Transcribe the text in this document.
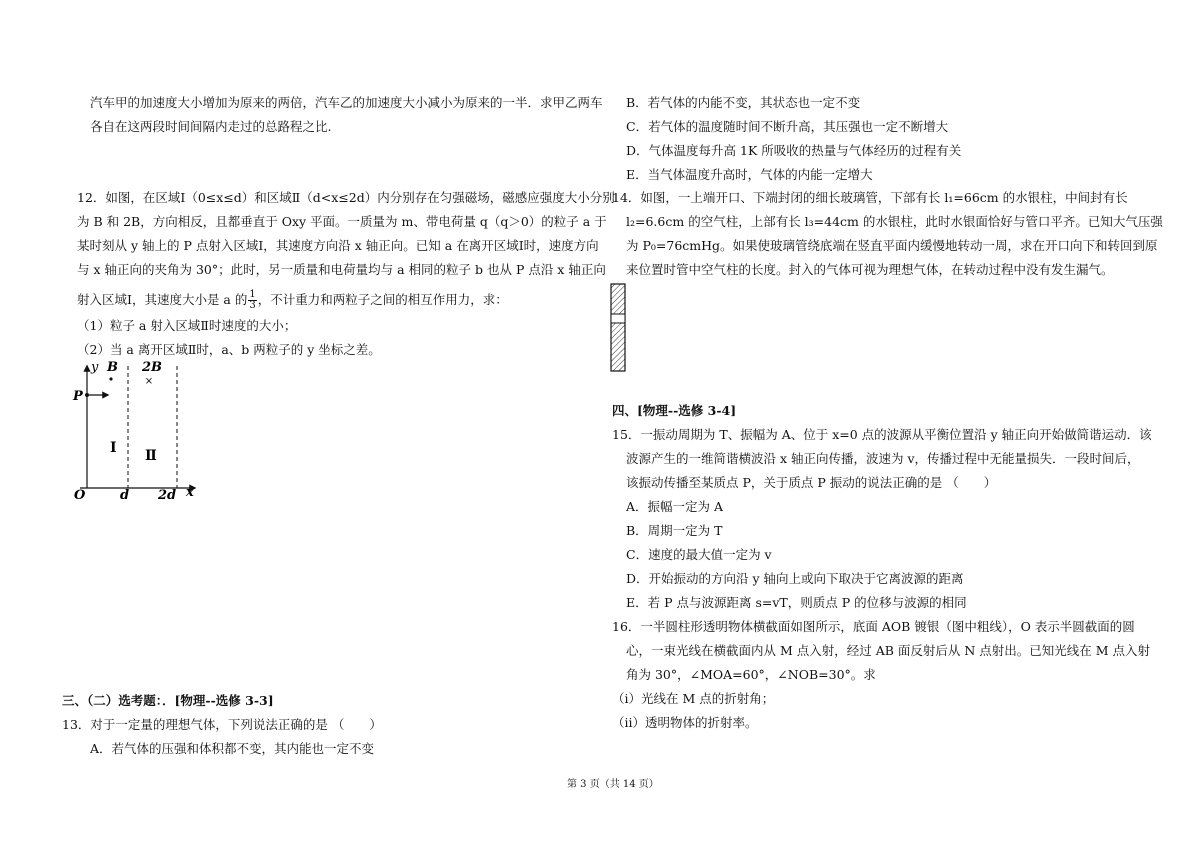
汽车甲的加速度大小增加为原来的两倍，汽车乙的加速度大小减小为原来的一半．求甲乙两车
各自在这两段时间间隔内走过的总路程之比.
12．如图，在区域Ⅰ（0≤x≤d）和区域Ⅱ（d<x≤2d）内分别存在匀强磁场，磁感应强度大小分别
为 B 和 2B，方向相反，且都垂直于 Oxy 平面。一质量为 m、带电荷量 q（q＞0）的粒子 a 于
某时刻从 y 轴上的 P 点射入区域Ⅰ，其速度方向沿 x 轴正向。已知 a 在离开区域Ⅰ时，速度方向
与 x 轴正向的夹角为 30°；此时，另一质量和电荷量均与 a 相同的粒子 b 也从 P 点沿 x 轴正向
射入区域Ⅰ，其速度大小是 a 的 $\frac{1}{3}$ ，不计重力和两粒子之间的相互作用力，求：
（1）粒子 a 射入区域Ⅱ时速度的大小；
（2）当 a 离开区域Ⅱ时，a、b 两粒子的 y 坐标之差。
×
y B 2B
P
Ⅰ Ⅱ
O	d 2d x
三、（二）选考题：．[物理--选修 3-3]
13．对于一定量的理想气体，下列说法正确的是 （　　）
A．若气体的压强和体积都不变，其内能也一定不变
B．若气体的内能不变，其状态也一定不变
C．若气体的温度随时间不断升高，其压强也一定不断增大
D．气体温度每升高 1K 所吸收的热量与气体经历的过程有关
E．当气体温度升高时，气体的内能一定增大
14．如图，一上端开口、下端封闭的细长玻璃管，下部有长 l₁=66cm 的水银柱，中间封有长
l₂=6.6cm 的空气柱，上部有长 l₃=44cm 的水银柱，此时水银面恰好与管口平齐。已知大气压强
为 P₀=76cmHg。如果使玻璃管绕底端在竖直平面内缓慢地转动一周，求在开口向下和转回到原
来位置时管中空气柱的长度。封入的气体可视为理想气体，在转动过程中没有发生漏气。
四、[物理--选修 3-4]
15．一振动周期为 T、振幅为 A、位于 x=0 点的波源从平衡位置沿 y 轴正向开始做简谐运动．该
波源产生的一维简谐横波沿 x 轴正向传播，波速为 v，传播过程中无能量损失．一段时间后，
该振动传播至某质点 P，关于质点 P 振动的说法正确的是 （　　）
A．振幅一定为 A
B．周期一定为 T
C．速度的最大值一定为 v
D．开始振动的方向沿 y 轴向上或向下取决于它离波源的距离
E．若 P 点与波源距离 s=vT，则质点 P 的位移与波源的相同
16．一半圆柱形透明物体横截面如图所示，底面 AOB 镀银（图中粗线），O 表示半圆截面的圆
心，一束光线在横截面内从 M 点入射，经过 AB 面反射后从 N 点射出。已知光线在 M 点入射
角为 30°，∠MOA=60°，∠NOB=30°。求
（i）光线在 M 点的折射角；
（ii）透明物体的折射率。
第 3 页（共 14 页）
